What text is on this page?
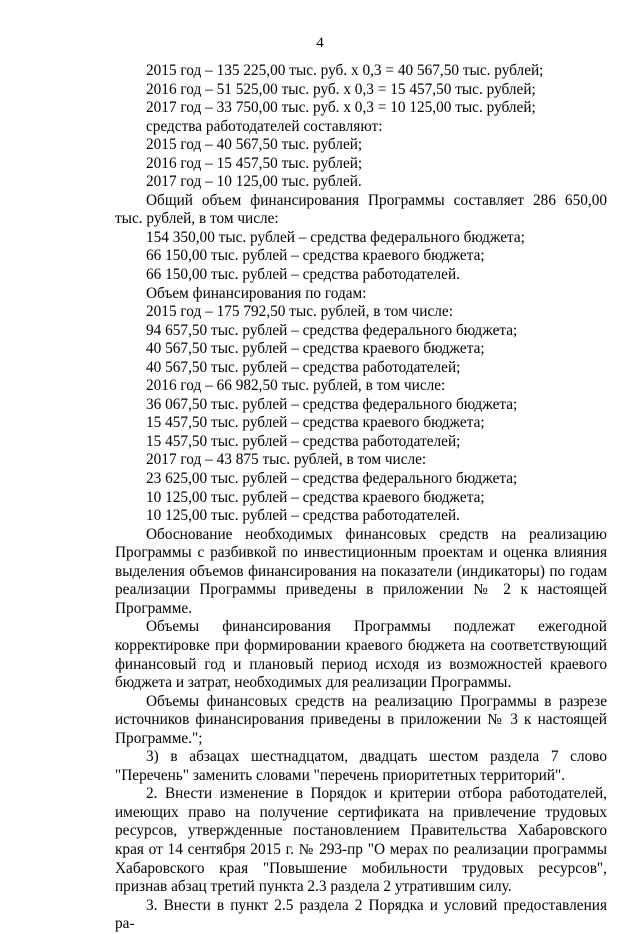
4

2015 год – 135 225,00 тыс. руб. х 0,3 = 40 567,50 тыс. рублей;

2016 год – 51 525,00 тыс. руб. х 0,3 = 15 457,50 тыс. рублей;

2017 год – 33 750,00 тыс. руб. х 0,3 = 10 125,00 тыс. рублей;

средства работодателей составляют:

2015 год – 40 567,50 тыс. рублей;

2016 год – 15 457,50 тыс. рублей;

2017 год – 10 125,00 тыс. рублей.

Общий объем финансирования Программы составляет 286 650,00 тыс. рублей, в том числе:

154 350,00 тыс. рублей – средства федерального бюджета;

66 150,00 тыс. рублей – средства краевого бюджета;

66 150,00 тыс. рублей – средства работодателей.

Объем финансирования по годам:

2015 год – 175 792,50 тыс. рублей, в том числе:

94 657,50 тыс. рублей – средства федерального бюджета;

40 567,50 тыс. рублей – средства краевого бюджета;

40 567,50 тыс. рублей – средства работодателей;

2016 год – 66 982,50 тыс. рублей, в том числе:

36 067,50 тыс. рублей – средства федерального бюджета;

15 457,50 тыс. рублей – средства краевого бюджета;

15 457,50 тыс. рублей – средства работодателей;

2017 год – 43 875 тыс. рублей, в том числе:

23 625,00 тыс. рублей – средства федерального бюджета;

10 125,00 тыс. рублей – средства краевого бюджета;

10 125,00 тыс. рублей – средства работодателей.

Обоснование необходимых финансовых средств на реализацию Программы с разбивкой по инвестиционным проектам и оценка влияния выделения объемов финансирования на показатели (индикаторы) по годам реализации Программы приведены в приложении № 2 к настоящей Программе.

Объемы финансирования Программы подлежат ежегодной корректировке при формировании краевого бюджета на соответствующий финансовый год и плановый период исходя из возможностей краевого бюджета и затрат, необходимых для реализации Программы.

Объемы финансовых средств на реализацию Программы в разрезе источников финансирования приведены в приложении № 3 к настоящей Программе.";

3) в абзацах шестнадцатом, двадцать шестом раздела 7 слово "Перечень" заменить словами "перечень приоритетных территорий".

2. Внести изменение в Порядок и критерии отбора работодателей, имеющих право на получение сертификата на привлечение трудовых ресурсов, утвержденные постановлением Правительства Хабаровского края от 14 сентября 2015 г. № 293-пр "О мерах по реализации программы Хабаровского края "Повышение мобильности трудовых ресурсов", признав абзац третий пункта 2.3 раздела 2 утратившим силу.

3. Внести в пункт 2.5 раздела 2 Порядка и условий предоставления ра-
